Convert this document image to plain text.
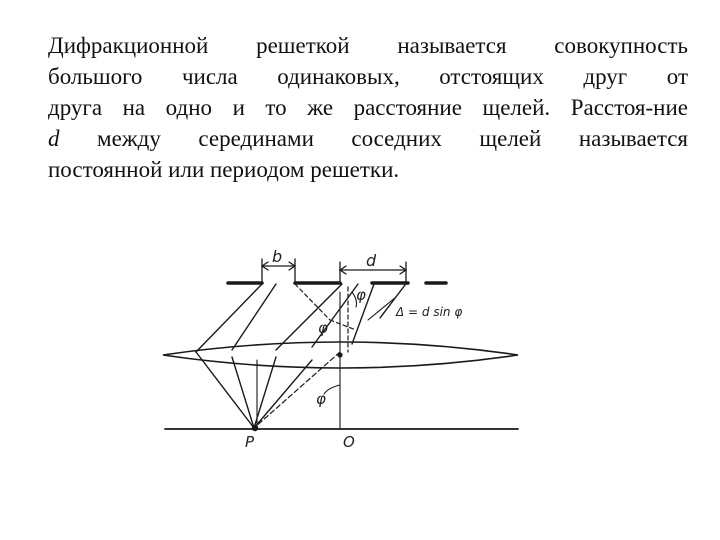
Дифракционной решеткой называется совокупность
большого числа одинаковых, отстоящих друг от
друга на одно и то же расстояние щелей. Расстоя-ние
d между серединами соседних щелей называется
постоянной или периодом решетки.
b	d
φ
φ
φ
Δ = d sin φ
P	O
